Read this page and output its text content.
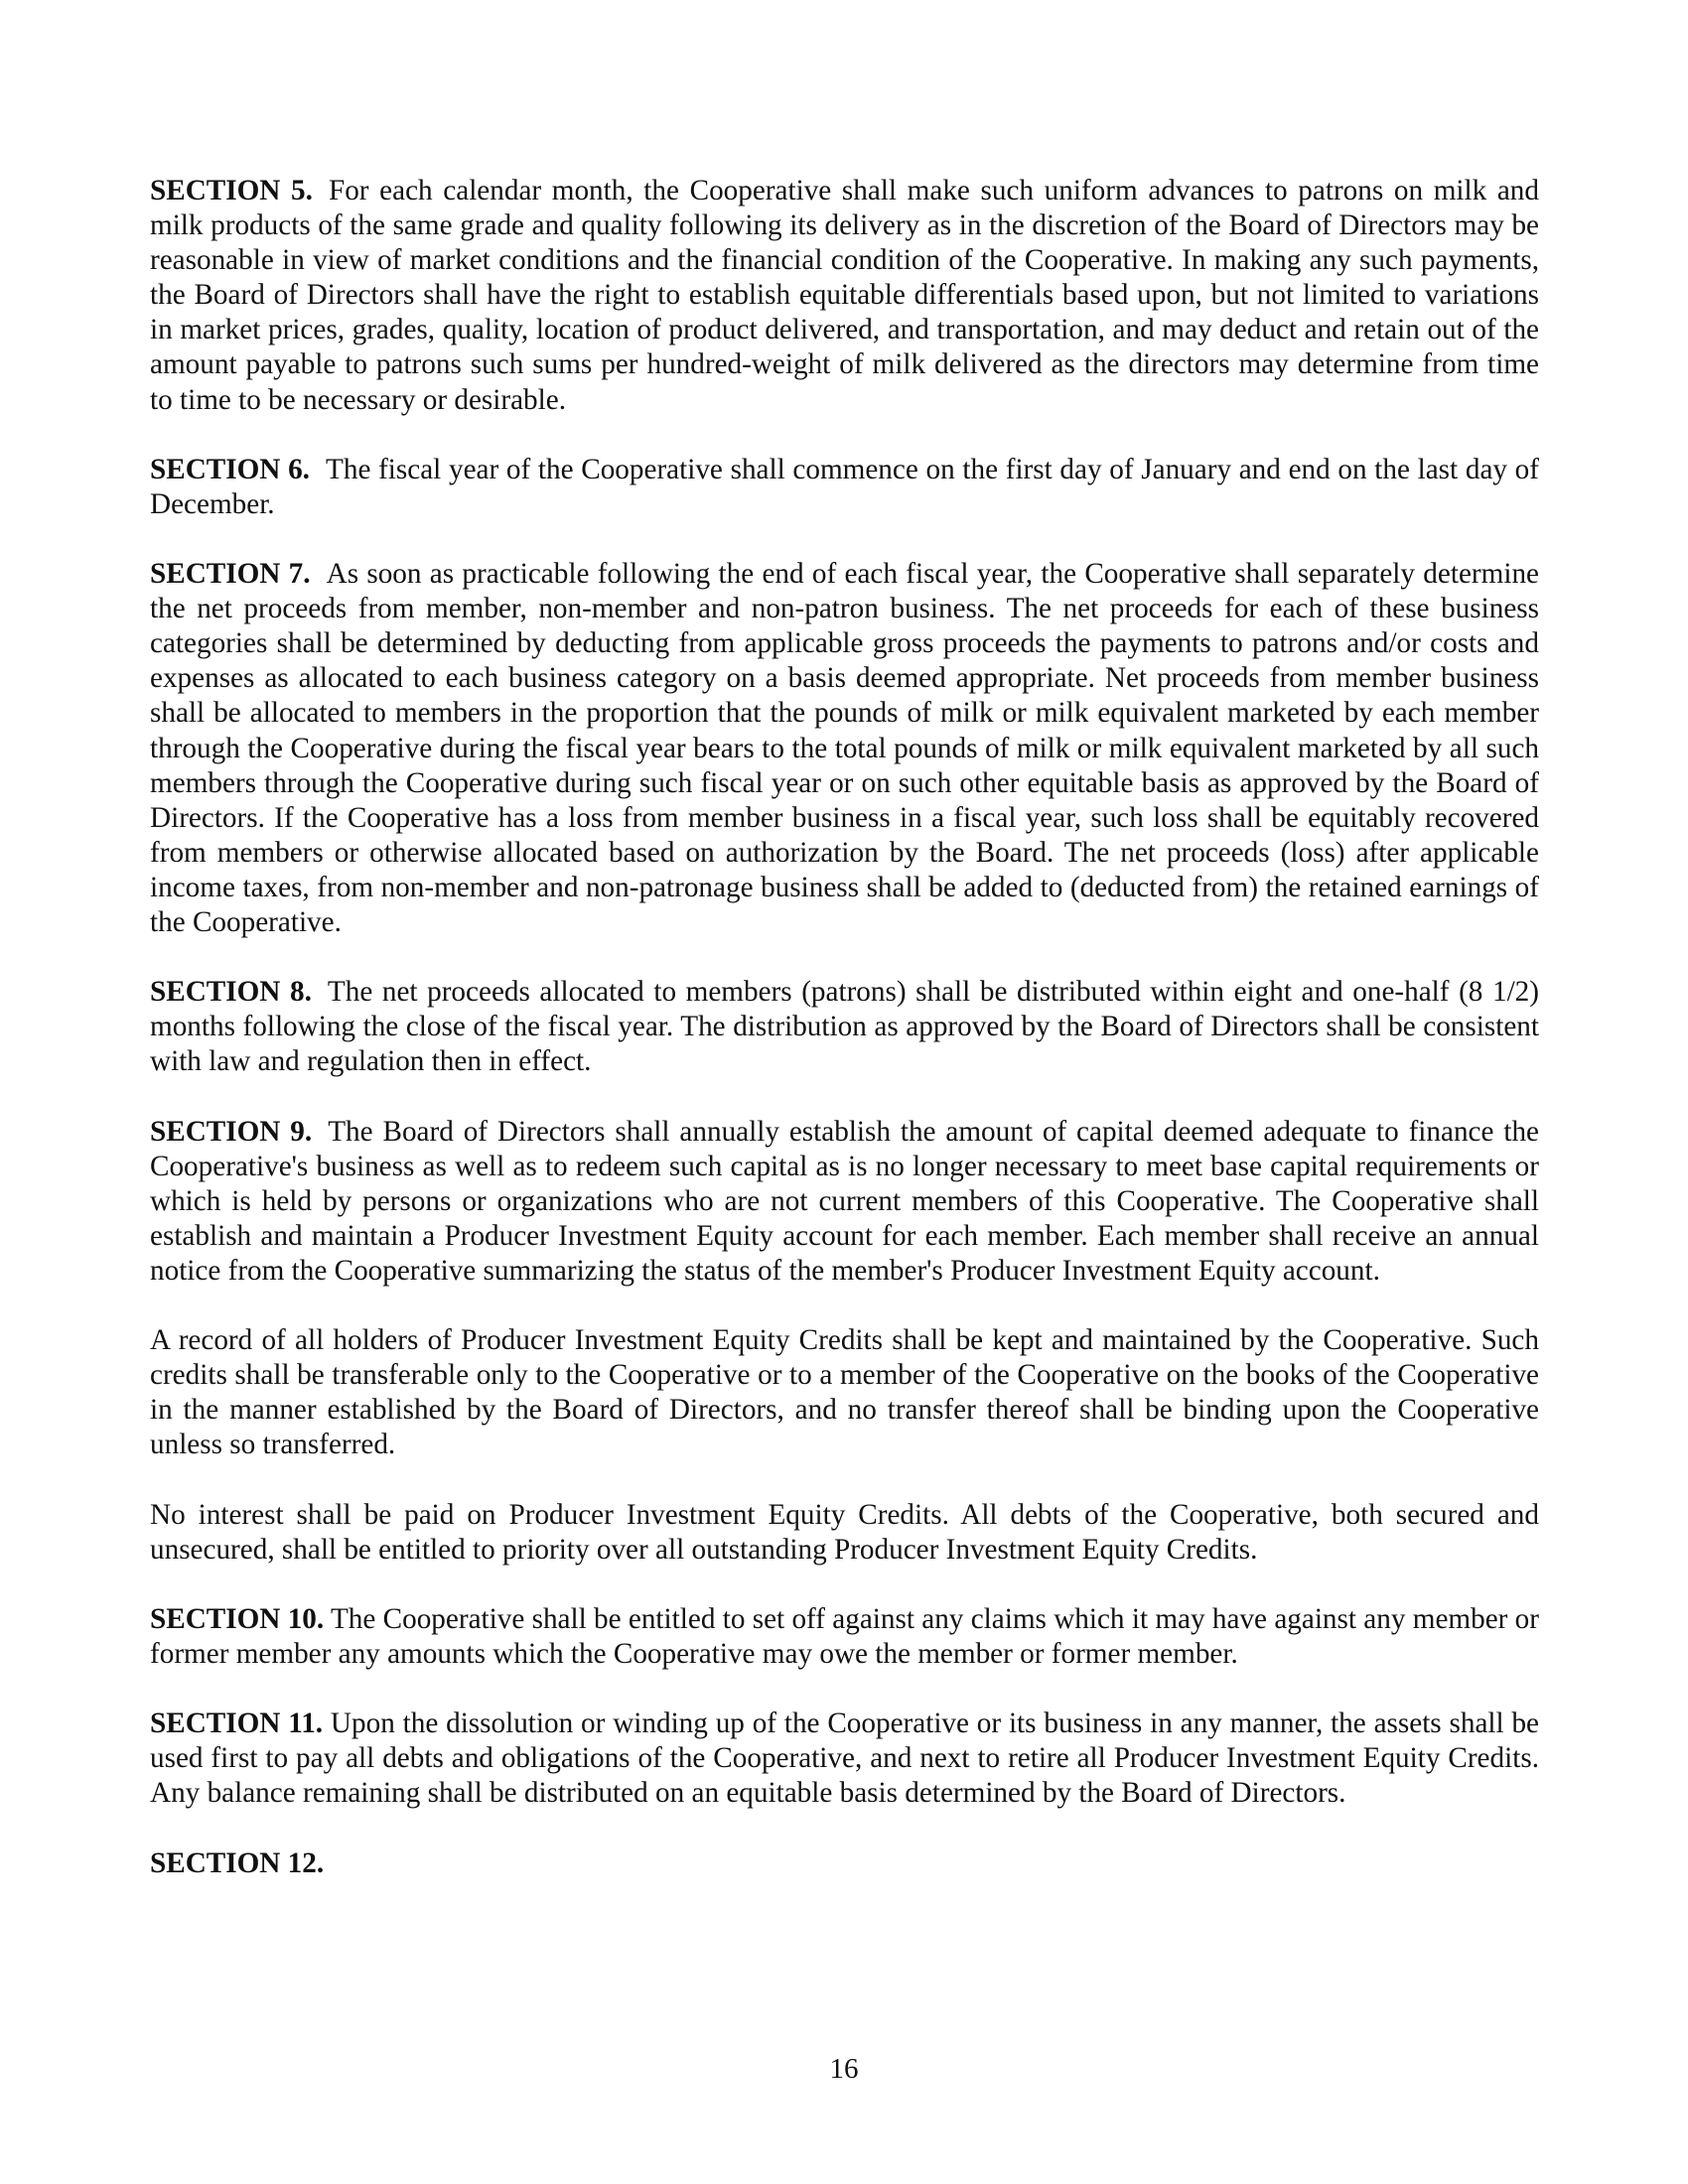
SECTION 5. For each calendar month, the Cooperative shall make such uniform advances to patrons on milk and milk products of the same grade and quality following its delivery as in the discretion of the Board of Directors may be reasonable in view of market conditions and the financial condition of the Cooperative. In making any such payments, the Board of Directors shall have the right to establish equitable differentials based upon, but not limited to variations in market prices, grades, quality, location of product delivered, and transportation, and may deduct and retain out of the amount payable to patrons such sums per hundred-weight of milk delivered as the directors may determine from time to time to be necessary or desirable.

SECTION 6. The fiscal year of the Cooperative shall commence on the first day of January and end on the last day of December.

SECTION 7. As soon as practicable following the end of each fiscal year, the Cooperative shall separately determine the net proceeds from member, non-member and non-patron business. The net proceeds for each of these business categories shall be determined by deducting from applicable gross proceeds the payments to patrons and/or costs and expenses as allocated to each business category on a basis deemed appropriate. Net proceeds from member business shall be allocated to members in the proportion that the pounds of milk or milk equivalent marketed by each member through the Cooperative during the fiscal year bears to the total pounds of milk or milk equivalent marketed by all such members through the Cooperative during such fiscal year or on such other equitable basis as approved by the Board of Directors. If the Cooperative has a loss from member business in a fiscal year, such loss shall be equitably recovered from members or otherwise allocated based on authorization by the Board. The net proceeds (loss) after applicable income taxes, from non-member and non-patronage business shall be added to (deducted from) the retained earnings of the Cooperative.

SECTION 8. The net proceeds allocated to members (patrons) shall be distributed within eight and one-half (8 1/2) months following the close of the fiscal year. The distribution as approved by the Board of Directors shall be consistent with law and regulation then in effect.

SECTION 9. The Board of Directors shall annually establish the amount of capital deemed adequate to finance the Cooperative's business as well as to redeem such capital as is no longer necessary to meet base capital requirements or which is held by persons or organizations who are not current members of this Cooperative. The Cooperative shall establish and maintain a Producer Investment Equity account for each member. Each member shall receive an annual notice from the Cooperative summarizing the status of the member's Producer Investment Equity account.

A record of all holders of Producer Investment Equity Credits shall be kept and maintained by the Cooperative. Such credits shall be transferable only to the Cooperative or to a member of the Cooperative on the books of the Cooperative in the manner established by the Board of Directors, and no transfer thereof shall be binding upon the Cooperative unless so transferred.

No interest shall be paid on Producer Investment Equity Credits. All debts of the Cooperative, both secured and unsecured, shall be entitled to priority over all outstanding Producer Investment Equity Credits.

SECTION 10. The Cooperative shall be entitled to set off against any claims which it may have against any member or former member any amounts which the Cooperative may owe the member or former member.

SECTION 11. Upon the dissolution or winding up of the Cooperative or its business in any manner, the assets shall be used first to pay all debts and obligations of the Cooperative, and next to retire all Producer Investment Equity Credits. Any balance remaining shall be distributed on an equitable basis determined by the Board of Directors.

SECTION 12.

16
